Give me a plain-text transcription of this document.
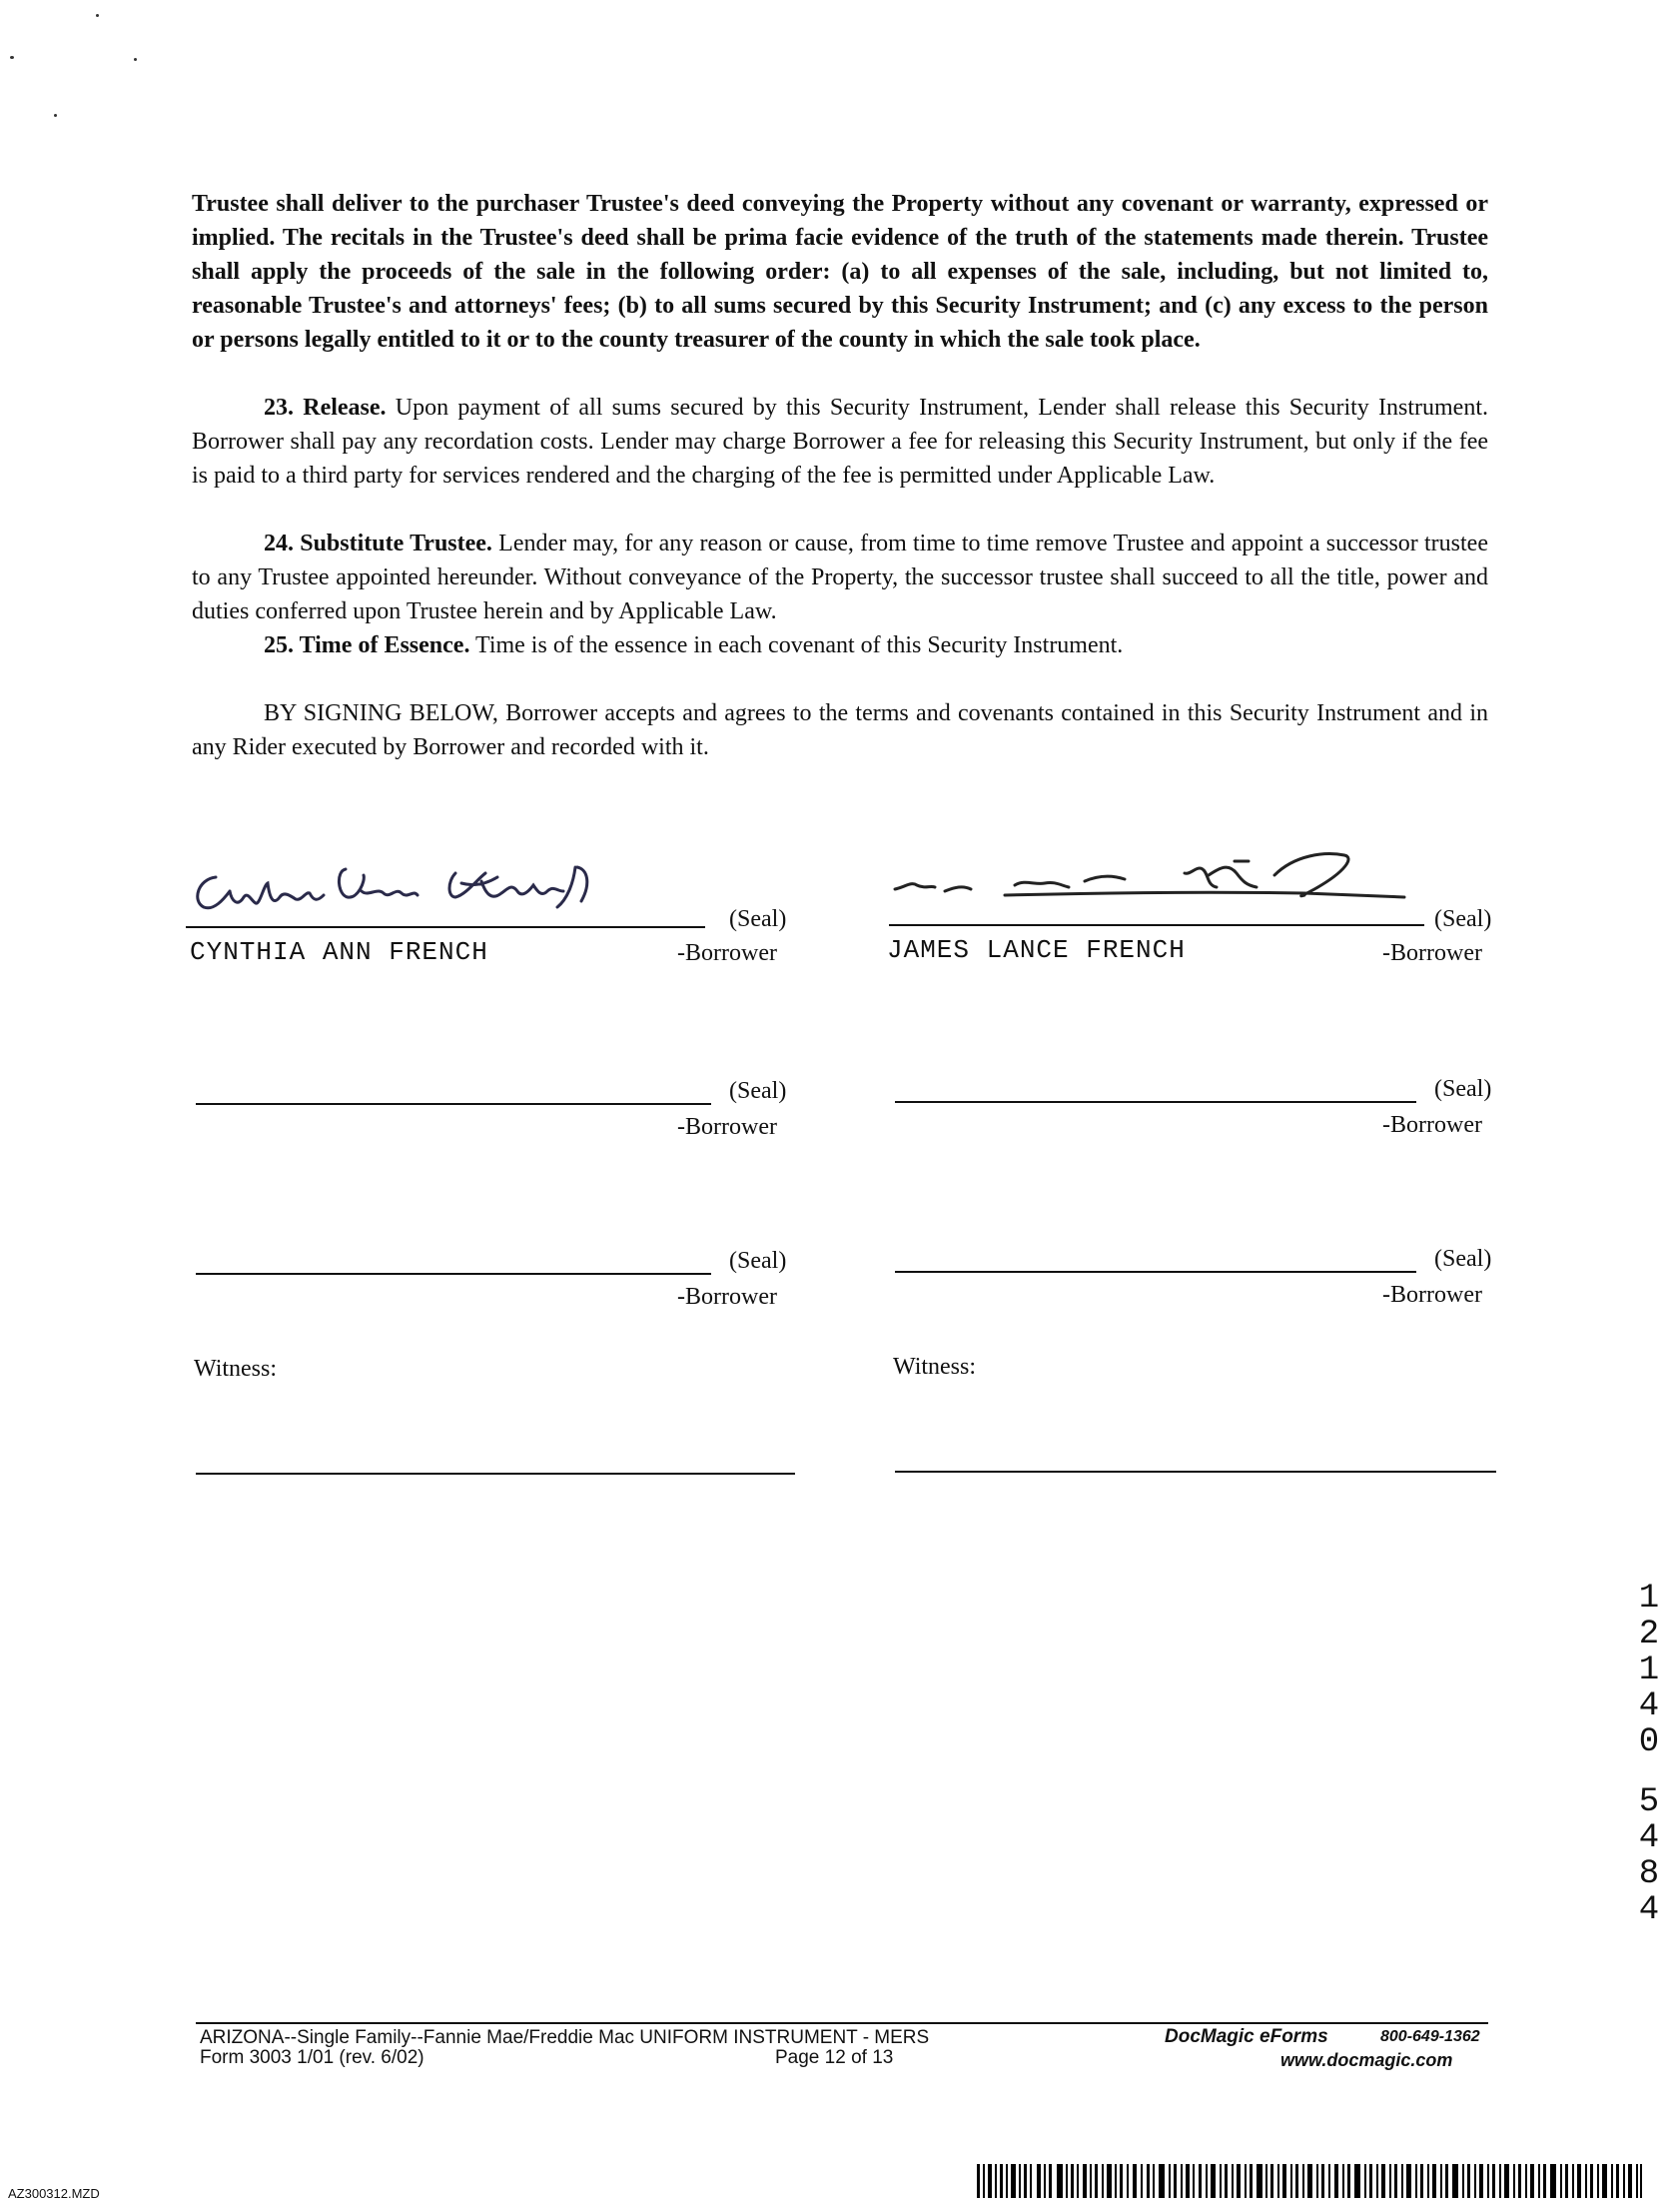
Trustee shall deliver to the purchaser Trustee's deed conveying the Property without any covenant or warranty, expressed or implied. The recitals in the Trustee's deed shall be prima facie evidence of the truth of the statements made therein. Trustee shall apply the proceeds of the sale in the following order: (a) to all expenses of the sale, including, but not limited to, reasonable Trustee's and attorneys' fees; (b) to all sums secured by this Security Instrument; and (c) any excess to the person or persons legally entitled to it or to the county treasurer of the county in which the sale took place.

23. Release. Upon payment of all sums secured by this Security Instrument, Lender shall release this Security Instrument. Borrower shall pay any recordation costs. Lender may charge Borrower a fee for releasing this Security Instrument, but only if the fee is paid to a third party for services rendered and the charging of the fee is permitted under Applicable Law.

24. Substitute Trustee. Lender may, for any reason or cause, from time to time remove Trustee and appoint a successor trustee to any Trustee appointed hereunder. Without conveyance of the Property, the successor trustee shall succeed to all the title, power and duties conferred upon Trustee herein and by Applicable Law.

25. Time of Essence. Time is of the essence in each covenant of this Security Instrument.

BY SIGNING BELOW, Borrower accepts and agrees to the terms and covenants contained in this Security Instrument and in any Rider executed by Borrower and recorded with it.

(Seal)
CYNTHIA ANN FRENCH	-Borrower
(Seal)
JAMES LANCE FRENCH	-Borrower
(Seal)
-Borrower
(Seal)
-Borrower
(Seal)
-Borrower
(Seal)
-Borrower
Witness:	Witness:
1
2
1
4
0
5
4
8
4
ARIZONA--Single Family--Fannie Mae/Freddie Mac UNIFORM INSTRUMENT - MERS
Form 3003 1/01 (rev. 6/02)	Page 12 of 13
DocMagic eForms	800-649-1362
www.docmagic.com
AZ300312.MZD
